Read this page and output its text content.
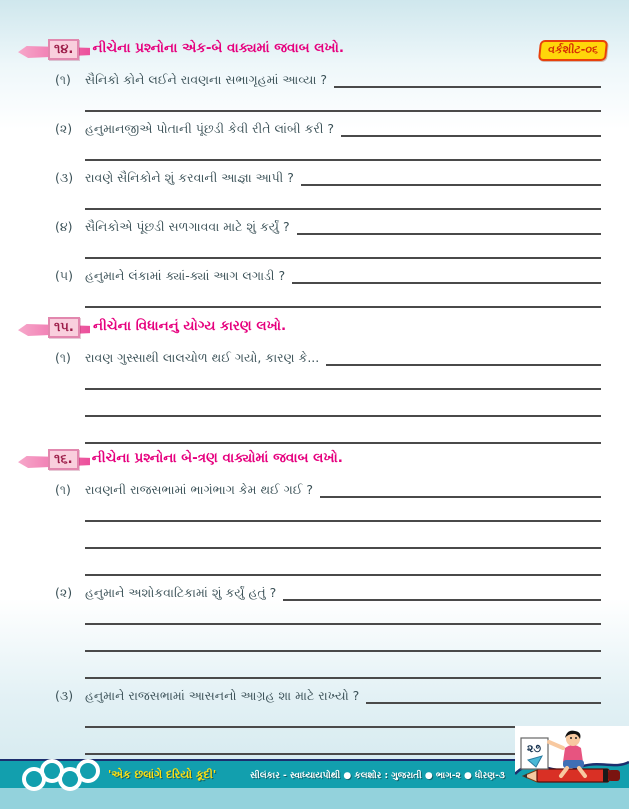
વર્કશીટ-૦૬
૧૪. નીચેના પ્રશ્નોના એક-બે વાક્યમાં જવાબ લખો.
(૧)	સૈનિકો કોને લઈને રાવણના સભાગૃહમાં આવ્યા ?
(૨)	હનુમાનજીએ પોતાની પૂંછડી કેવી રીતે લાંબી કરી ?
(૩) રાવણે સૈનિકોને શું કરવાની આજ્ઞા આપી ?
(૪) સૈનિકોએ પૂંછડી સળગાવવા માટે શું કર્યું ?
(૫) હનુમાને લંકામાં ક્યાં-ક્યાં આગ લગાડી ?
૧૫. નીચેના વિધાનનું યોગ્ય કારણ લખો.
(૧)	રાવણ ગુસ્સાથી લાલચોળ થઈ ગયો, કારણ કે...
૧૬. નીચેના પ્રશ્નોના બે-ત્રણ વાક્યોમાં જવાબ લખો.
(૧)	રાવણની રાજસભામાં ભાગંભાગ કેમ થઈ ગઈ ?
(૨)	હનુમાને અશોકવાટિકામાં શું કર્યું હતું ?
(૩) હનુમાને રાજસભામાં આસનનો આગ્રહ શા માટે રાખ્યો ?
'એક છલાંગે દરિયો કૂદી'	સીલંકાર - સ્વાધ્યાયપોથી ● કલશોર : ગુજરાતી ● ભાગ-૨ ● ધોરણ-૩
૨૭
